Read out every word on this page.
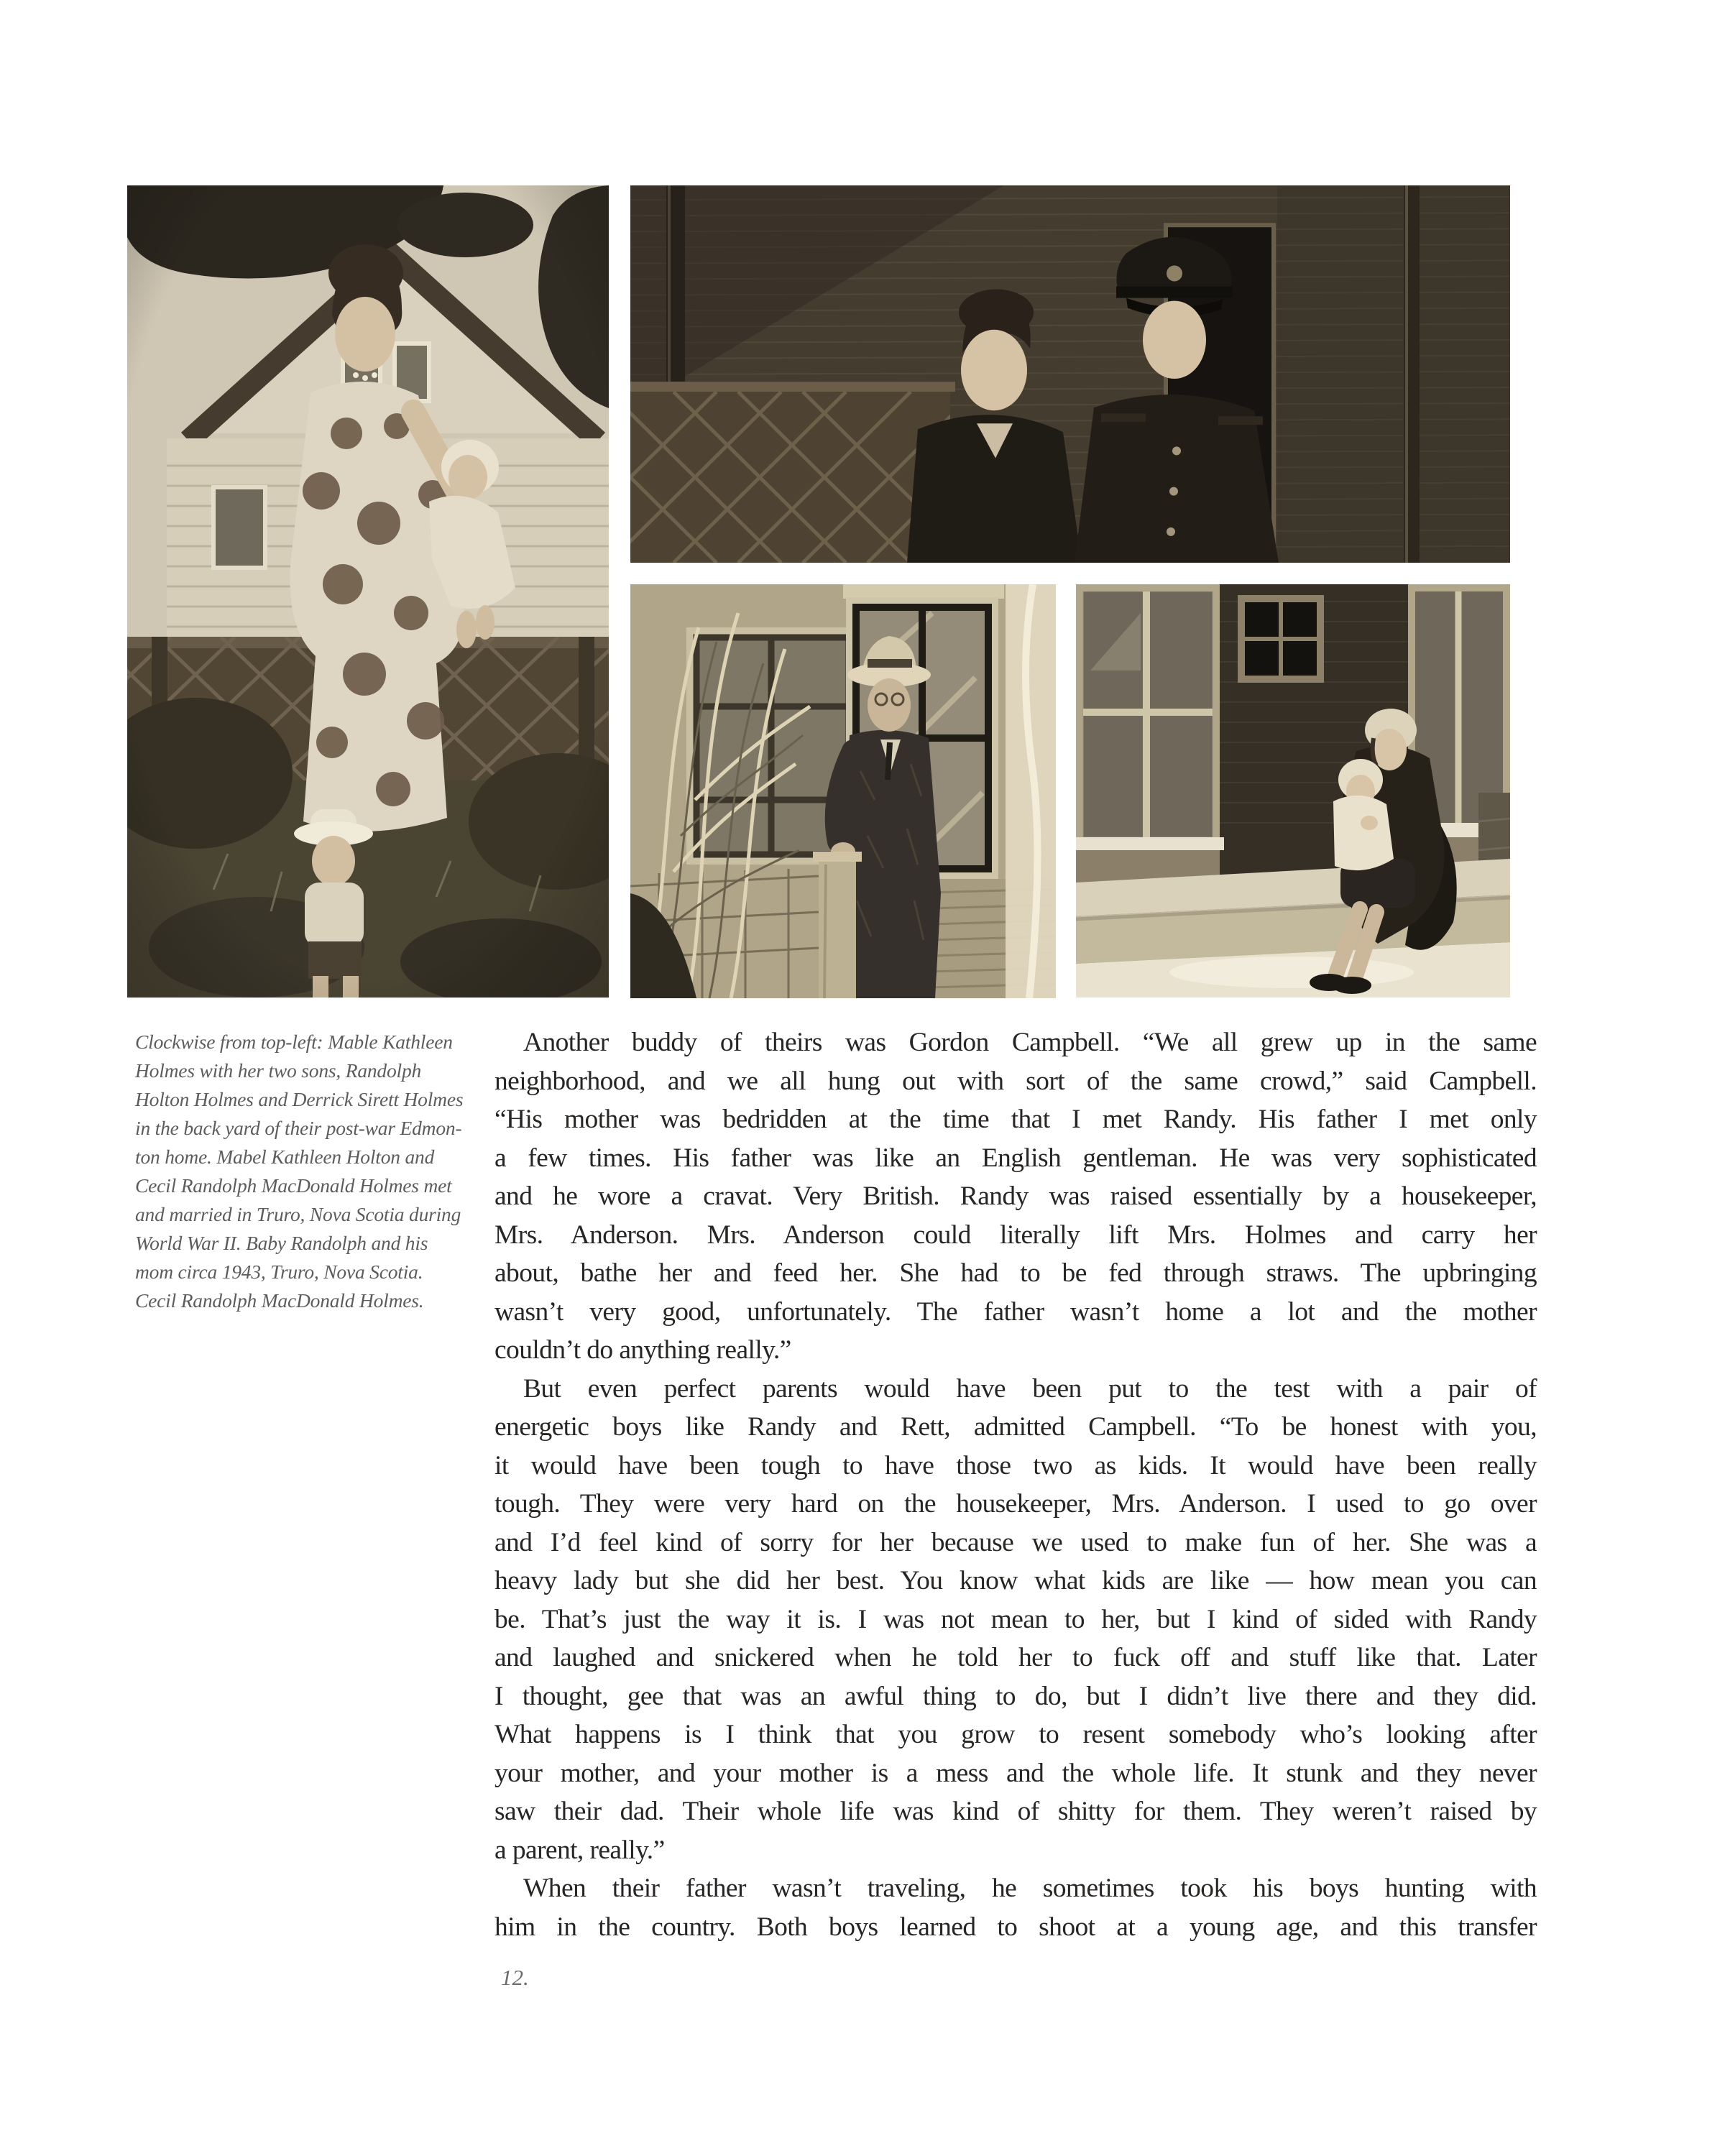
Clockwise from top-left: Mable Kathleen
Holmes with her two sons, Randolph
Holton Holmes and Derrick Sirett Holmes
in the back yard of their post-war Edmon-
ton home. Mabel Kathleen Holton and
Cecil Randolph MacDonald Holmes met
and married in Truro, Nova Scotia during
World War II. Baby Randolph and his
mom circa 1943, Truro, Nova Scotia.
Cecil Randolph MacDonald Holmes.
Another buddy of theirs was Gordon Campbell. “We all grew up in the same
neighborhood, and we all hung out with sort of the same crowd,” said Campbell.
“His mother was bedridden at the time that I met Randy. His father I met only
a few times. His father was like an English gentleman. He was very sophisticated
and he wore a cravat. Very British. Randy was raised essentially by a housekeeper,
Mrs. Anderson. Mrs. Anderson could literally lift Mrs. Holmes and carry her
about, bathe her and feed her. She had to be fed through straws. The upbringing
wasn’t very good, unfortunately. The father wasn’t home a lot and the mother
couldn’t do anything really.”
But even perfect parents would have been put to the test with a pair of
energetic boys like Randy and Rett, admitted Campbell. “To be honest with you,
it would have been tough to have those two as kids. It would have been really
tough. They were very hard on the housekeeper, Mrs. Anderson. I used to go over
and I’d feel kind of sorry for her because we used to make fun of her. She was a
heavy lady but she did her best. You know what kids are like — how mean you can
be. That’s just the way it is. I was not mean to her, but I kind of sided with Randy
and laughed and snickered when he told her to fuck off and stuff like that. Later
I thought, gee that was an awful thing to do, but I didn’t live there and they did.
What happens is I think that you grow to resent somebody who’s looking after
your mother, and your mother is a mess and the whole life. It stunk and they never
saw their dad. Their whole life was kind of shitty for them. They weren’t raised by
a parent, really.”
When their father wasn’t traveling, he sometimes took his boys hunting with
him in the country. Both boys learned to shoot at a young age, and this transfer
12.
